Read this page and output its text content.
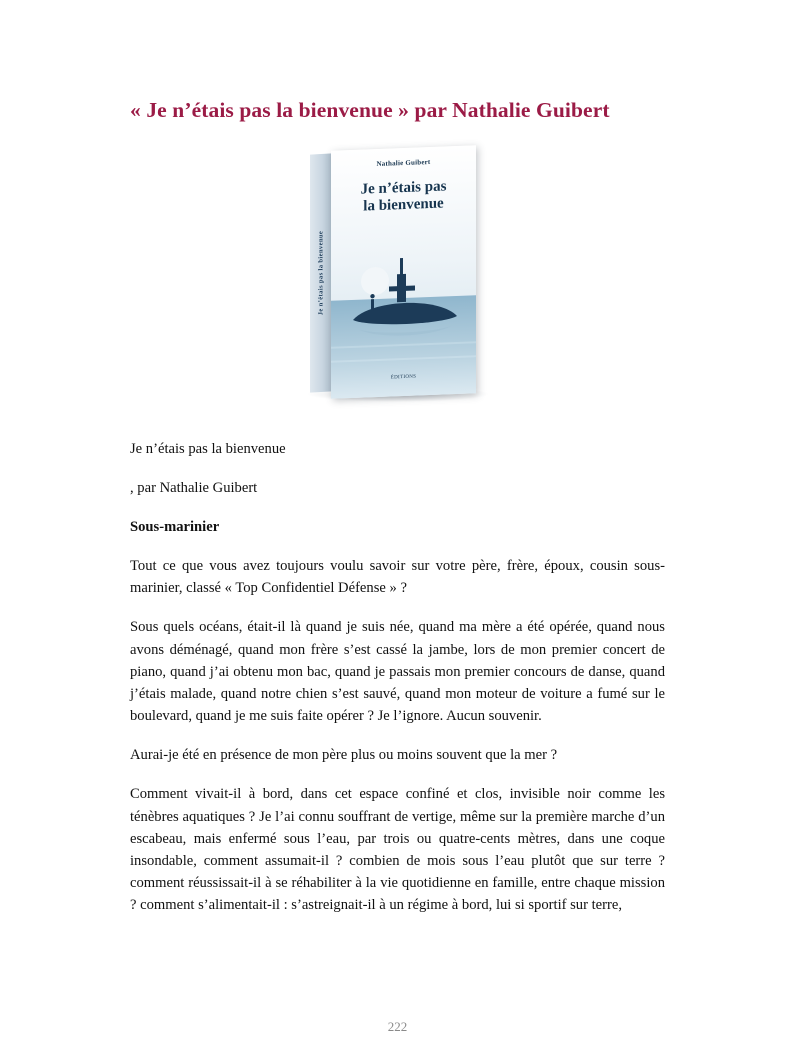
« Je n’étais pas la bienvenue » par Nathalie Guibert
Je n’étais pas la bienvenue
Nathalie Guibert
Je n’étais pas
la bienvenue
ÉDITIONS

Je n’étais pas la bienvenue

, par Nathalie Guibert

Sous-marinier

Tout ce que vous avez toujours voulu savoir sur votre père, frère, époux, cousin sous-marinier, classé « Top Confidentiel Défense » ?

Sous quels océans, était-il là quand je suis née, quand ma mère a été opérée, quand nous avons déménagé, quand mon frère s’est cassé la jambe, lors de mon premier concert de piano, quand j’ai obtenu mon bac, quand je passais mon premier concours de danse, quand j’étais malade, quand notre chien s’est sauvé, quand mon moteur de voiture a fumé sur le boulevard, quand je me suis faite opérer ? Je l’ignore. Aucun souvenir.

Aurai-je été en présence de mon père plus ou moins souvent que la mer ?

Comment vivait-il à bord, dans cet espace confiné et clos, invisible noir comme les ténèbres aquatiques ? Je l’ai connu souffrant de vertige, même sur la première marche d’un escabeau, mais enfermé sous l’eau, par trois ou quatre-cents mètres, dans une coque insondable, comment assumait-il ? combien de mois sous l’eau plutôt que sur terre ? comment réussissait-il à se réhabiliter à la vie quotidienne en famille, entre chaque mission ? comment s’alimentait-il : s’astreignait-il à un régime à bord, lui si sportif sur terre,

222
